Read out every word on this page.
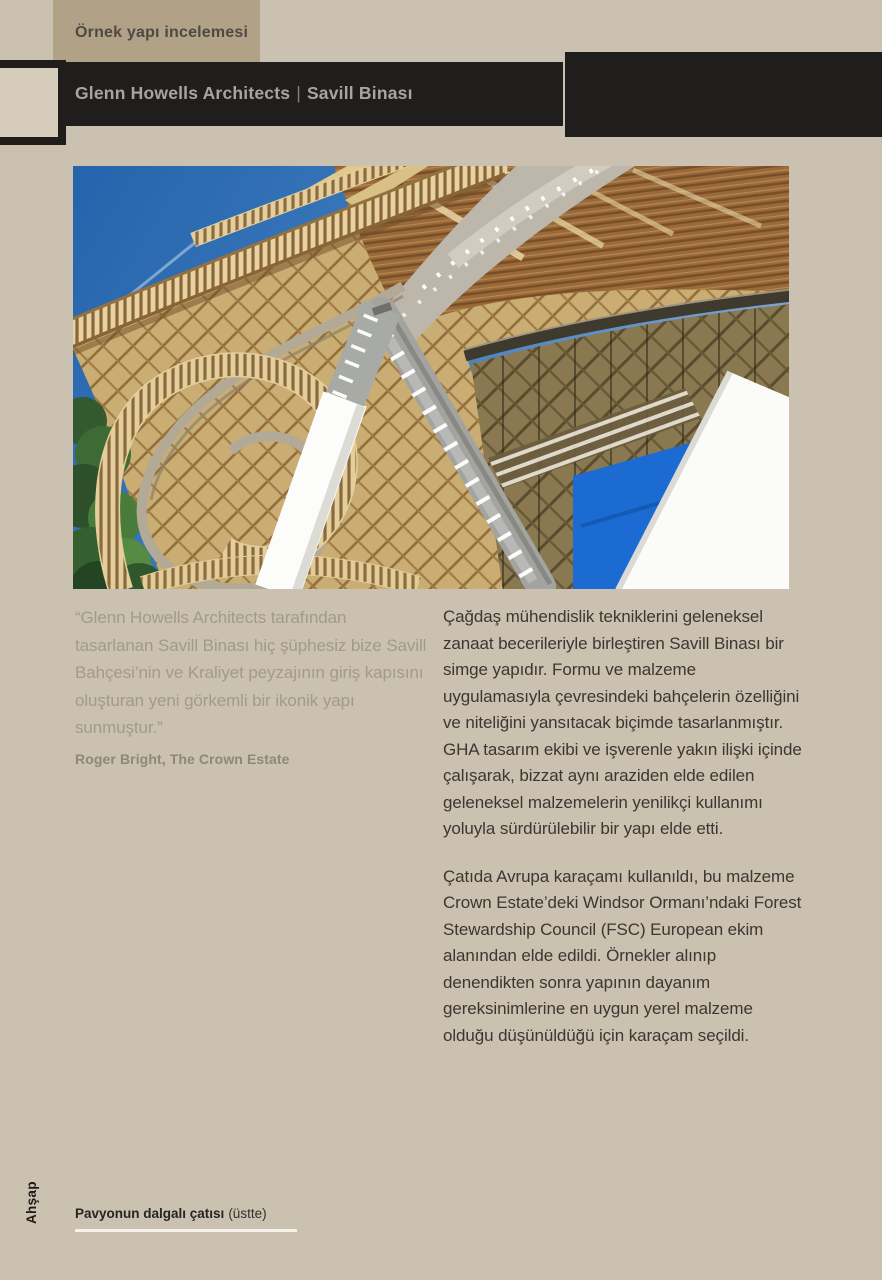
Örnek yapı incelemesi
Glenn Howells Architects | Savill Binası
“Glenn Howells Architects tarafından tasarlanan Savill Binası hiç şüphesiz bize Savill Bahçesi’nin ve Kraliyet peyzajının giriş kapısını oluşturan yeni görkemli bir ikonik yapı sunmuştur.”
Roger Bright, The Crown Estate

Çağdaş mühendislik tekniklerini geleneksel zanaat becerileriyle birleştiren Savill Binası bir simge yapıdır. Formu ve malzeme uygulamasıyla çevresindeki bahçelerin özelliğini ve niteliğini yansıtacak biçimde tasarlanmıştır. GHA tasarım ekibi ve işverenle yakın ilişki içinde çalışarak, bizzat aynı araziden elde edilen geleneksel malzemelerin yenilikçi kullanımı yoluyla sürdürülebilir bir yapı elde etti.

Çatıda Avrupa karaçamı kullanıldı, bu malzeme Crown Estate’deki Windsor Ormanı’ndaki Forest Stewardship Council (FSC) European ekim alanından elde edildi. Örnekler alınıp denendikten sonra yapının dayanım gereksinimlerine en uygun yerel malzeme olduğu düşünüldüğü için karaçam seçildi.

Ahşap	Pavyonun dalgalı çatısı (üstte)
